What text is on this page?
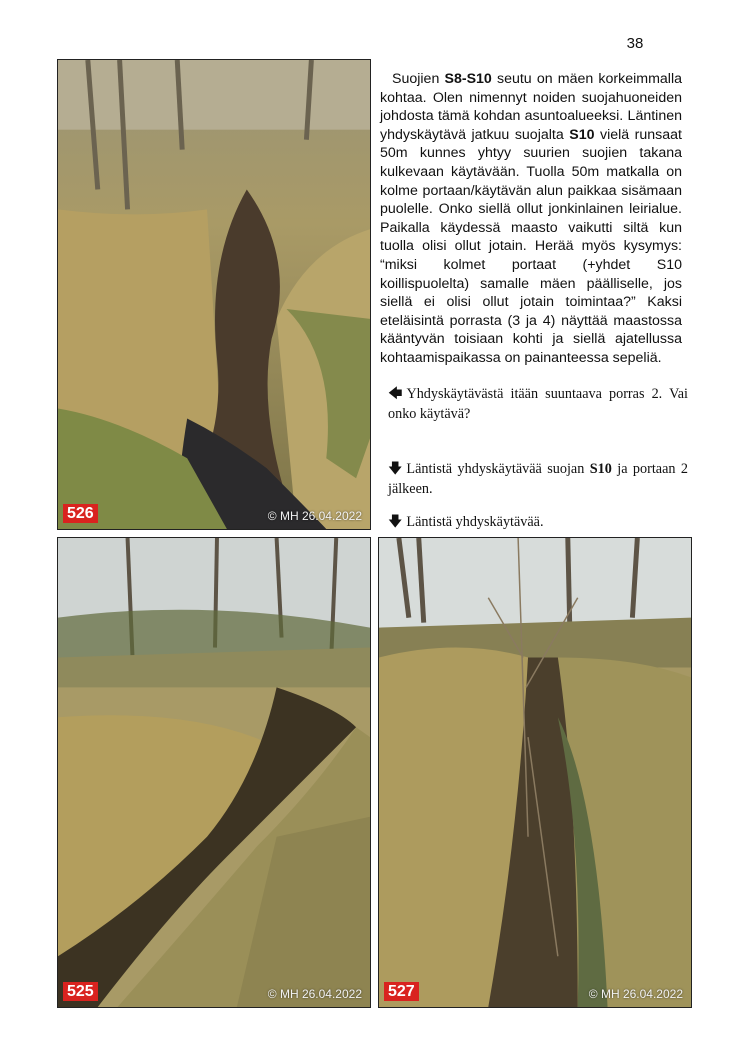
38
526	© MH 26.04.2022

Suojien S8-S10 seutu on mäen korkeimmalla kohtaa. Olen nimennyt noiden suojahuoneiden johdosta tämä kohdan asuntoalueeksi. Läntinen yhdyskäytävä jatkuu suojalta S10 vielä runsaat 50m kunnes yhtyy suurien suojien takana kulkevaan käytävään. Tuolla 50m matkalla on kolme portaan/käytävän alun paikkaa sisämaan puolelle. Onko siellä ollut jonkinlainen leirialue. Paikalla käydessä maasto vaikutti siltä kun tuolla olisi ollut jotain. Herää myös kysymys: “miksi kolmet portaat (+yhdet S10 koillispuolelta) samalle mäen päälliselle, jos siellä ei olisi ollut jotain toimintaa?” Kaksi eteläisintä porrasta (3 ja 4) näyttää maastossa kääntyvän toisiaan kohti ja siellä ajatellussa kohtaamispaikassa on painanteessa sepeliä.

🡄 Yhdyskäytävästä itään suuntaava porras 2. Vai onko käytävä?

🡇 Läntistä yhdyskäytävää suojan S10 ja portaan 2 jälkeen.

🡇 Läntistä yhdyskäytävää.

525	© MH 26.04.2022 527	© MH 26.04.2022
